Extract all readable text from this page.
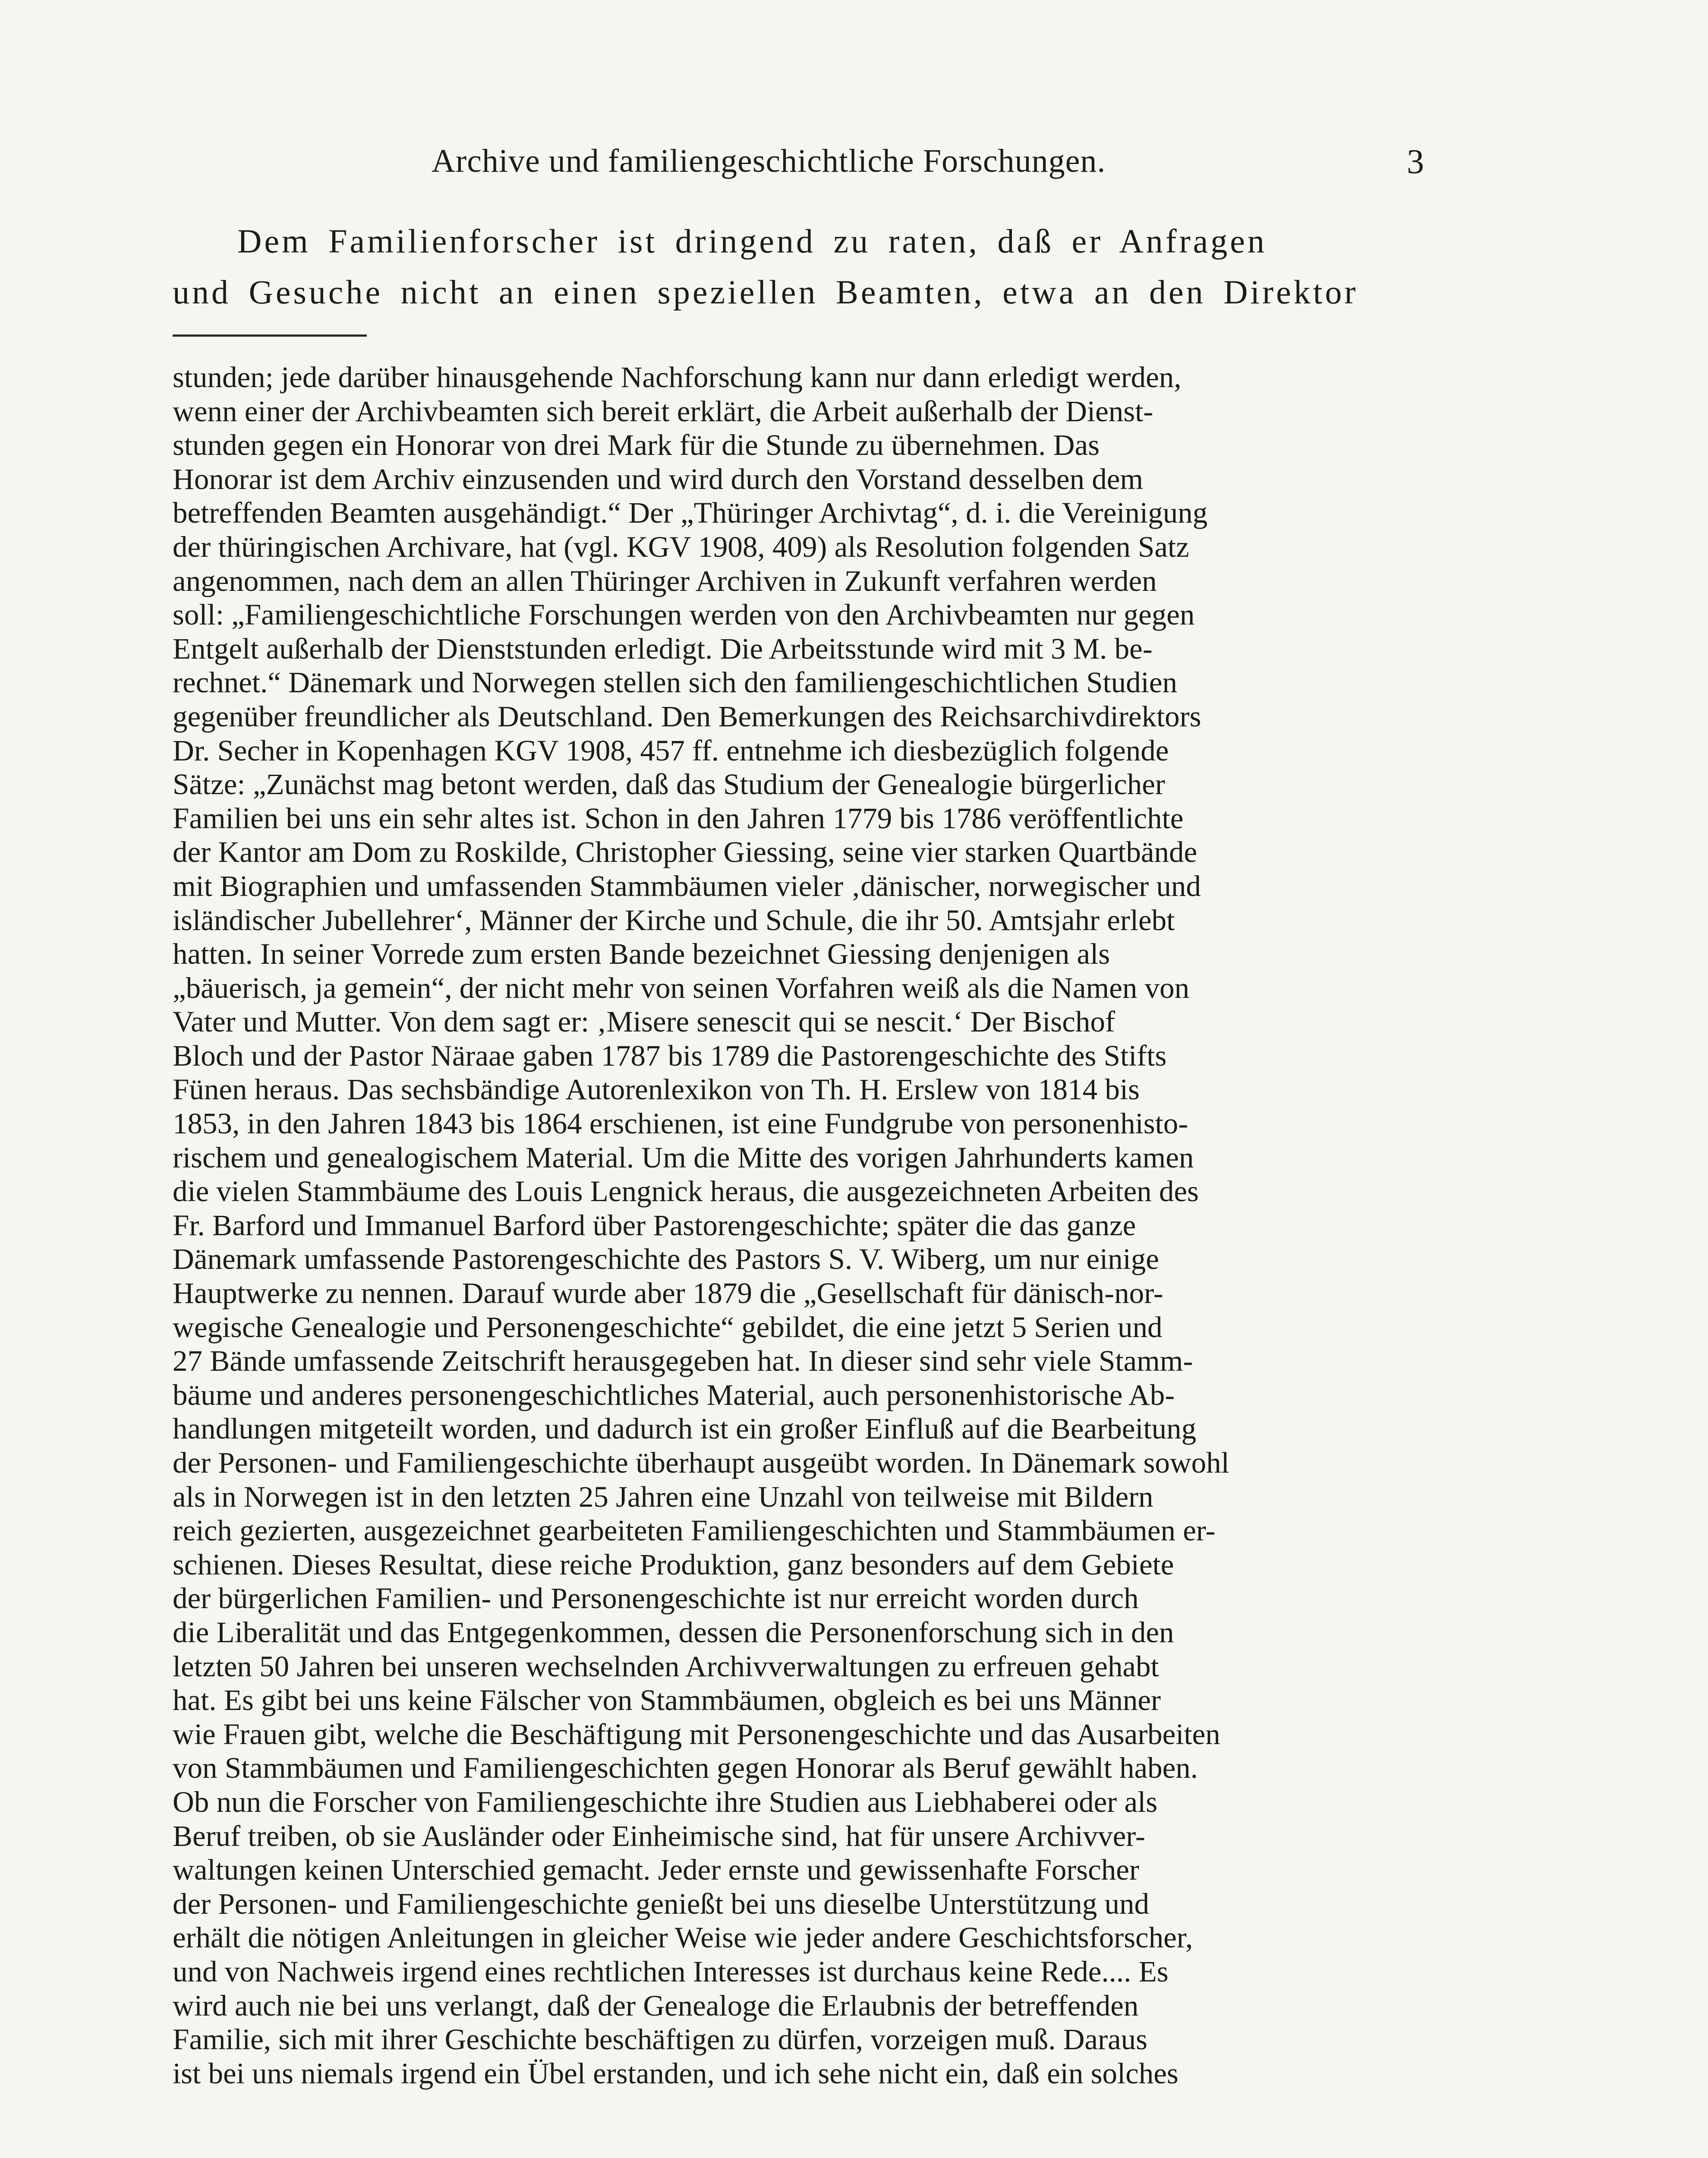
Archive und familiengeschichtliche Forschungen.	3
Dem Familienforscher ist dringend zu raten, daß er Anfragen
und Gesuche nicht an einen speziellen Beamten, etwa an den Direktor
stunden; jede darüber hinausgehende Nachforschung kann nur dann erledigt werden,
wenn einer der Archivbeamten sich bereit erklärt, die Arbeit außerhalb der Dienst-
stunden gegen ein Honorar von drei Mark für die Stunde zu übernehmen. Das
Honorar ist dem Archiv einzusenden und wird durch den Vorstand desselben dem
betreffenden Beamten ausgehändigt.“ Der „Thüringer Archivtag“, d. i. die Vereinigung
der thüringischen Archivare, hat (vgl. KGV 1908, 409) als Resolution folgenden Satz
angenommen, nach dem an allen Thüringer Archiven in Zukunft verfahren werden
soll: „Familiengeschichtliche Forschungen werden von den Archivbeamten nur gegen
Entgelt außerhalb der Dienststunden erledigt. Die Arbeitsstunde wird mit 3 M. be-
rechnet.“ Dänemark und Norwegen stellen sich den familiengeschichtlichen Studien
gegenüber freundlicher als Deutschland. Den Bemerkungen des Reichsarchivdirektors
Dr. Secher in Kopenhagen KGV 1908, 457 ff. entnehme ich diesbezüglich folgende
Sätze: „Zunächst mag betont werden, daß das Studium der Genealogie bürgerlicher
Familien bei uns ein sehr altes ist. Schon in den Jahren 1779 bis 1786 veröffentlichte
der Kantor am Dom zu Roskilde, Christopher Giessing, seine vier starken Quartbände
mit Biographien und umfassenden Stammbäumen vieler ‚dänischer, norwegischer und
isländischer Jubellehrer‘, Männer der Kirche und Schule, die ihr 50. Amtsjahr erlebt
hatten. In seiner Vorrede zum ersten Bande bezeichnet Giessing denjenigen als
„bäuerisch, ja gemein“, der nicht mehr von seinen Vorfahren weiß als die Namen von
Vater und Mutter. Von dem sagt er: ‚Misere senescit qui se nescit.‘ Der Bischof
Bloch und der Pastor Näraae gaben 1787 bis 1789 die Pastorengeschichte des Stifts
Fünen heraus. Das sechsbändige Autorenlexikon von Th. H. Erslew von 1814 bis
1853, in den Jahren 1843 bis 1864 erschienen, ist eine Fundgrube von personenhisto-
rischem und genealogischem Material. Um die Mitte des vorigen Jahrhunderts kamen
die vielen Stammbäume des Louis Lengnick heraus, die ausgezeichneten Arbeiten des
Fr. Barford und Immanuel Barford über Pastorengeschichte; später die das ganze
Dänemark umfassende Pastorengeschichte des Pastors S. V. Wiberg, um nur einige
Hauptwerke zu nennen. Darauf wurde aber 1879 die „Gesellschaft für dänisch-nor-
wegische Genealogie und Personengeschichte“ gebildet, die eine jetzt 5 Serien und
27 Bände umfassende Zeitschrift herausgegeben hat. In dieser sind sehr viele Stamm-
bäume und anderes personengeschichtliches Material, auch personenhistorische Ab-
handlungen mitgeteilt worden, und dadurch ist ein großer Einfluß auf die Bearbeitung
der Personen- und Familiengeschichte überhaupt ausgeübt worden. In Dänemark sowohl
als in Norwegen ist in den letzten 25 Jahren eine Unzahl von teilweise mit Bildern
reich gezierten, ausgezeichnet gearbeiteten Familiengeschichten und Stammbäumen er-
schienen. Dieses Resultat, diese reiche Produktion, ganz besonders auf dem Gebiete
der bürgerlichen Familien- und Personengeschichte ist nur erreicht worden durch
die Liberalität und das Entgegenkommen, dessen die Personenforschung sich in den
letzten 50 Jahren bei unseren wechselnden Archivverwaltungen zu erfreuen gehabt
hat. Es gibt bei uns keine Fälscher von Stammbäumen, obgleich es bei uns Männer
wie Frauen gibt, welche die Beschäftigung mit Personengeschichte und das Ausarbeiten
von Stammbäumen und Familiengeschichten gegen Honorar als Beruf gewählt haben.
Ob nun die Forscher von Familiengeschichte ihre Studien aus Liebhaberei oder als
Beruf treiben, ob sie Ausländer oder Einheimische sind, hat für unsere Archivver-
waltungen keinen Unterschied gemacht. Jeder ernste und gewissenhafte Forscher
der Personen- und Familiengeschichte genießt bei uns dieselbe Unterstützung und
erhält die nötigen Anleitungen in gleicher Weise wie jeder andere Geschichtsforscher,
und von Nachweis irgend eines rechtlichen Interesses ist durchaus keine Rede.... Es
wird auch nie bei uns verlangt, daß der Genealoge die Erlaubnis der betreffenden
Familie, sich mit ihrer Geschichte beschäftigen zu dürfen, vorzeigen muß. Daraus
ist bei uns niemals irgend ein Übel erstanden, und ich sehe nicht ein, daß ein solches
